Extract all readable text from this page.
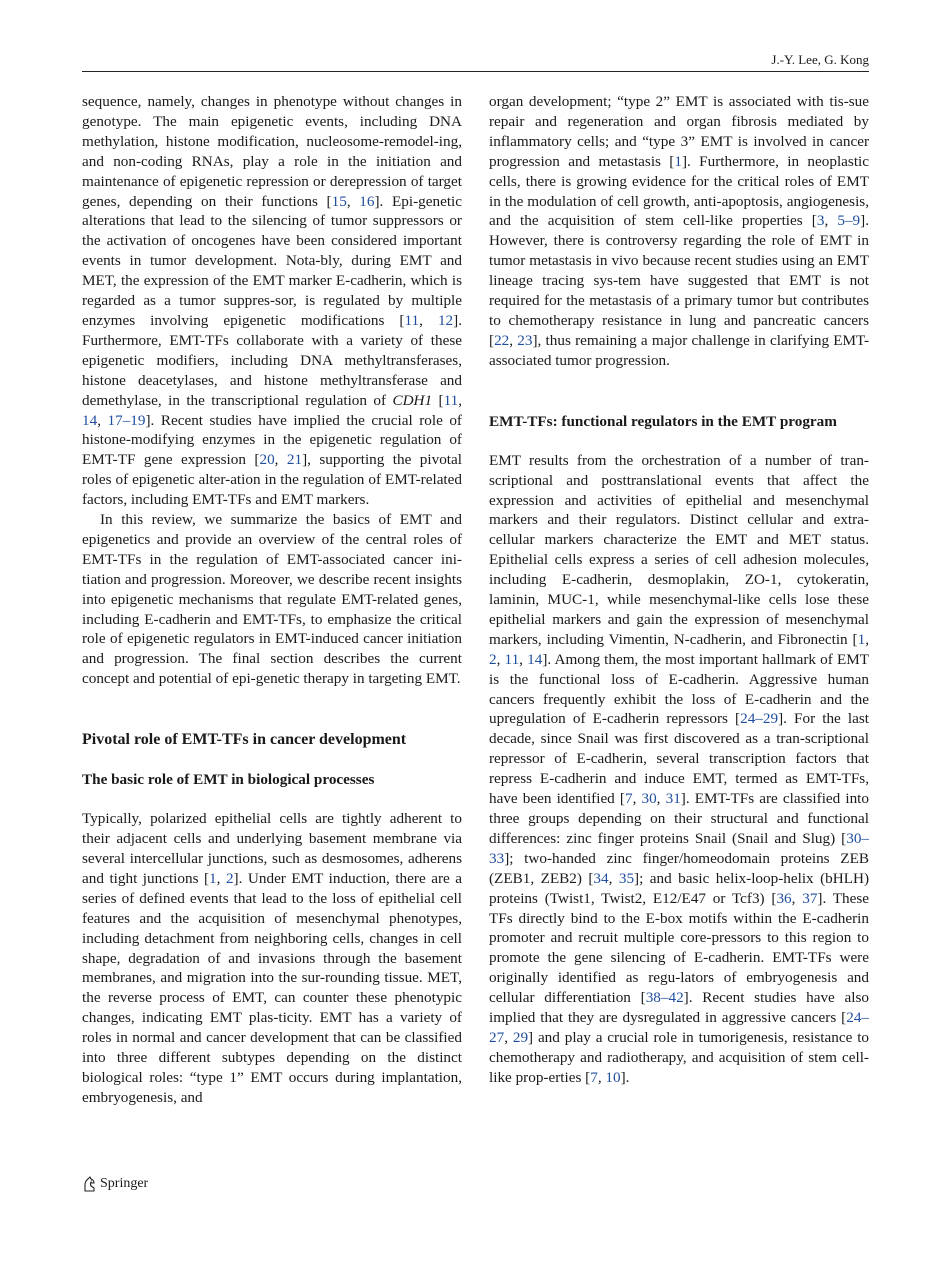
J.-Y. Lee, G. Kong

sequence, namely, changes in phenotype without changes in genotype. The main epigenetic events, including DNA methylation, histone modification, nucleosome-remodel-ing, and non-coding RNAs, play a role in the initiation and maintenance of epigenetic repression or derepression of target genes, depending on their functions [15, 16]. Epi-genetic alterations that lead to the silencing of tumor suppressors or the activation of oncogenes have been considered important events in tumor development. Nota-bly, during EMT and MET, the expression of the EMT marker E-cadherin, which is regarded as a tumor suppres-sor, is regulated by multiple enzymes involving epigenetic modifications [11, 12]. Furthermore, EMT-TFs collaborate with a variety of these epigenetic modifiers, including DNA methyltransferases, histone deacetylases, and histone methyltransferase and demethylase, in the transcriptional regulation of CDH1 [11, 14, 17–19]. Recent studies have implied the crucial role of histone-modifying enzymes in the epigenetic regulation of EMT-TF gene expression [20, 21], supporting the pivotal roles of epigenetic alter-ation in the regulation of EMT-related factors, including EMT-TFs and EMT markers.

In this review, we summarize the basics of EMT and epigenetics and provide an overview of the central roles of EMT-TFs in the regulation of EMT-associated cancer ini-tiation and progression. Moreover, we describe recent insights into epigenetic mechanisms that regulate EMT-related genes, including E-cadherin and EMT-TFs, to emphasize the critical role of epigenetic regulators in EMT-induced cancer initiation and progression. The final section describes the current concept and potential of epi-genetic therapy in targeting EMT.

Pivotal role of EMT-TFs in cancer development
The basic role of EMT in biological processes

Typically, polarized epithelial cells are tightly adherent to their adjacent cells and underlying basement membrane via several intercellular junctions, such as desmosomes, adherens and tight junctions [1, 2]. Under EMT induction, there are a series of defined events that lead to the loss of epithelial cell features and the acquisition of mesenchymal phenotypes, including detachment from neighboring cells, changes in cell shape, degradation of and invasions through the basement membranes, and migration into the sur-rounding tissue. MET, the reverse process of EMT, can counter these phenotypic changes, indicating EMT plas-ticity. EMT has a variety of roles in normal and cancer development that can be classified into three different subtypes depending on the distinct biological roles: “type 1” EMT occurs during implantation, embryogenesis, and

organ development; “type 2” EMT is associated with tis-sue repair and regeneration and organ fibrosis mediated by inflammatory cells; and “type 3” EMT is involved in cancer progression and metastasis [1]. Furthermore, in neoplastic cells, there is growing evidence for the critical roles of EMT in the modulation of cell growth, anti-apoptosis, angiogenesis, and the acquisition of stem cell-like properties [3, 5–9]. However, there is controversy regarding the role of EMT in tumor metastasis in vivo because recent studies using an EMT lineage tracing sys-tem have suggested that EMT is not required for the metastasis of a primary tumor but contributes to chemotherapy resistance in lung and pancreatic cancers [22, 23], thus remaining a major challenge in clarifying EMT-associated tumor progression.

EMT-TFs: functional regulators in the EMT program

EMT results from the orchestration of a number of tran-scriptional and posttranslational events that affect the expression and activities of epithelial and mesenchymal markers and their regulators. Distinct cellular and extra-cellular markers characterize the EMT and MET status. Epithelial cells express a series of cell adhesion molecules, including E-cadherin, desmoplakin, ZO-1, cytokeratin, laminin, MUC-1, while mesenchymal-like cells lose these epithelial markers and gain the expression of mesenchymal markers, including Vimentin, N-cadherin, and Fibronectin [1, 2, 11, 14]. Among them, the most important hallmark of EMT is the functional loss of E-cadherin. Aggressive human cancers frequently exhibit the loss of E-cadherin and the upregulation of E-cadherin repressors [24–29]. For the last decade, since Snail was first discovered as a tran-scriptional repressor of E-cadherin, several transcription factors that repress E-cadherin and induce EMT, termed as EMT-TFs, have been identified [7, 30, 31]. EMT-TFs are classified into three groups depending on their structural and functional differences: zinc finger proteins Snail (Snail and Slug) [30–33]; two-handed zinc finger/homeodomain proteins ZEB (ZEB1, ZEB2) [34, 35]; and basic helix-loop-helix (bHLH) proteins (Twist1, Twist2, E12/E47 or Tcf3) [36, 37]. These TFs directly bind to the E-box motifs within the E-cadherin promoter and recruit multiple core-pressors to this region to promote the gene silencing of E-cadherin. EMT-TFs were originally identified as regu-lators of embryogenesis and cellular differentiation [38–42]. Recent studies have also implied that they are dysregulated in aggressive cancers [24–27, 29] and play a crucial role in tumorigenesis, resistance to chemotherapy and radiotherapy, and acquisition of stem cell-like prop-erties [7, 10].

Springer
